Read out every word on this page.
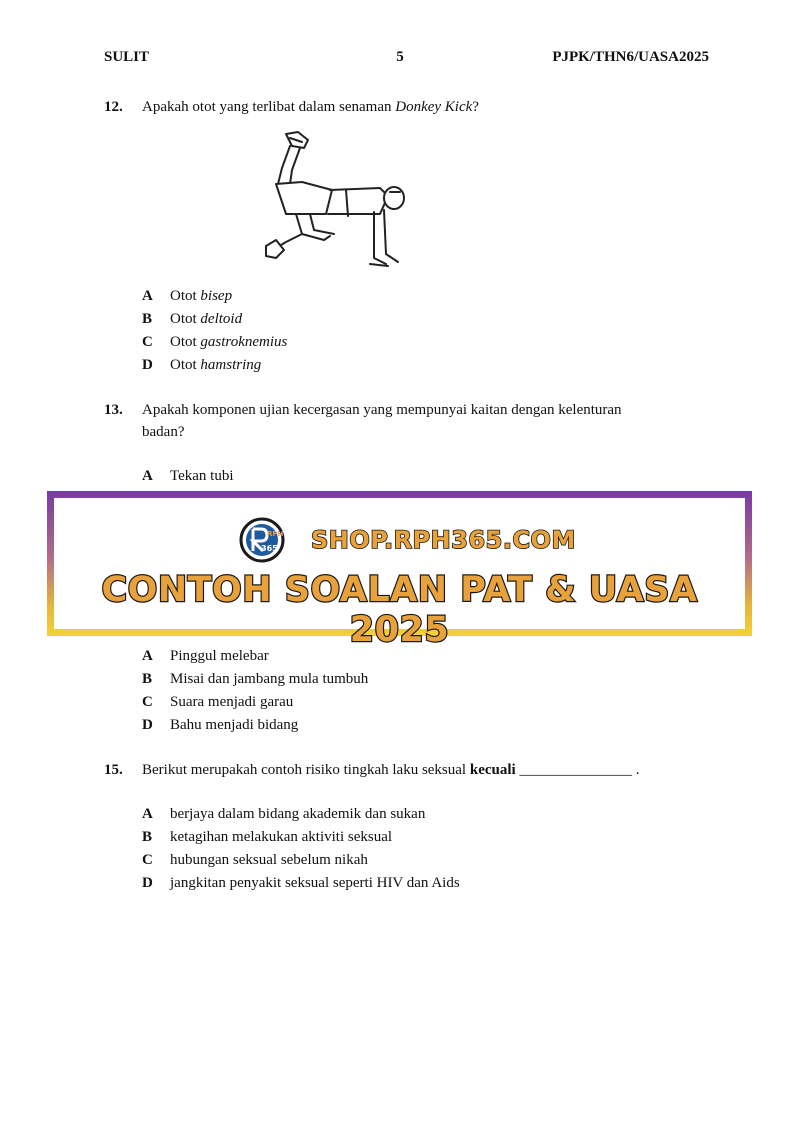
SULIT	5	PJPK/THN6/UASA2025
12. Apakah otot yang terlibat dalam senaman Donkey Kick?
A Otot bisep
B Otot deltoid
C Otot gastroknemius
D Otot hamstring
13. Apakah komponen ujian kecergasan yang mempunyai kaitan dengan kelenturan
badan?
A Tekan tubi
RPH
365 SHOP.RPH365.COM
CONTOH SOALAN PAT & UASA 2025
A Pinggul melebar
B Misai dan jambang mula tumbuh
C Suara menjadi garau
D Bahu menjadi bidang
15. Berikut merupakah contoh risiko tingkah laku seksual kecuali _______________ .
A berjaya dalam bidang akademik dan sukan
B ketagihan melakukan aktiviti seksual
C hubungan seksual sebelum nikah
D jangkitan penyakit seksual seperti HIV dan Aids
